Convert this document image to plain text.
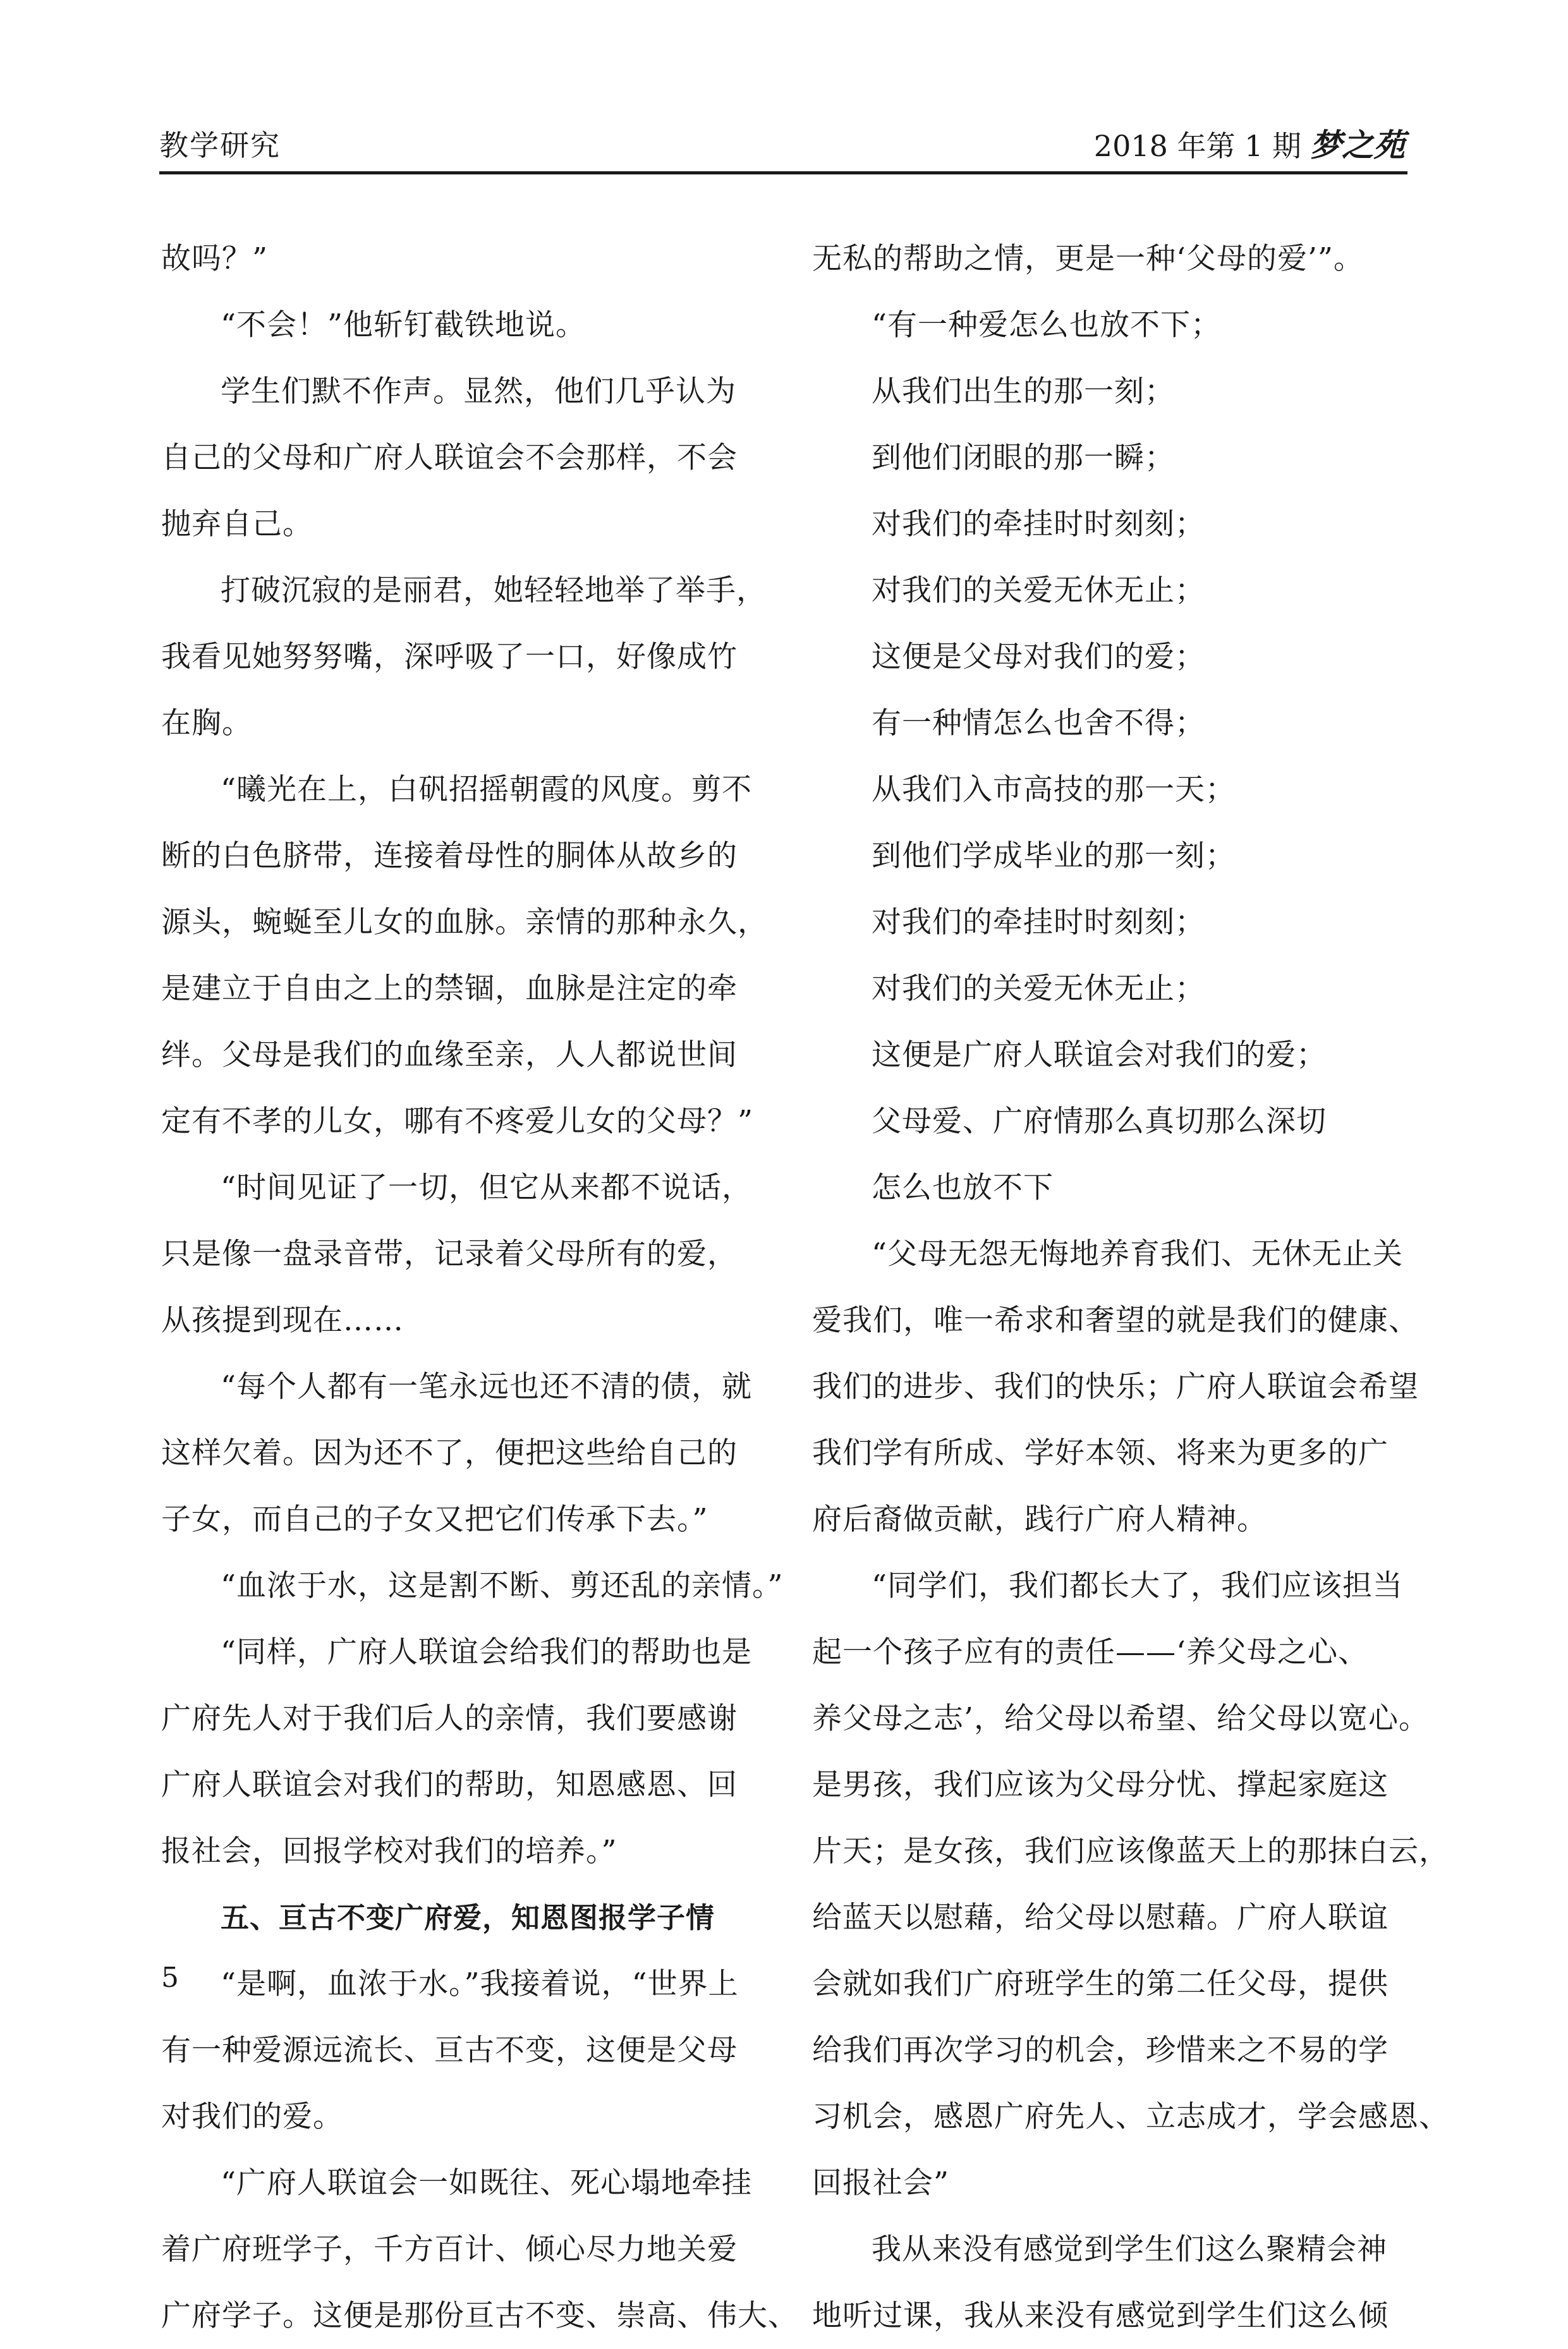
教学研究	2018 年第 1 期 梦之苑
故吗？”
“不会！”他斩钉截铁地说。
学生们默不作声。显然，他们几乎认为
自己的父母和广府人联谊会不会那样，不会
抛弃自己。
打破沉寂的是丽君，她轻轻地举了举手，
我看见她努努嘴，深呼吸了一口，好像成竹
在胸。
“曦光在上，白矾招摇朝霞的风度。剪不
断的白色脐带，连接着母性的胴体从故乡的
源头，蜿蜒至儿女的血脉。亲情的那种永久，
是建立于自由之上的禁锢，血脉是注定的牵
绊。父母是我们的血缘至亲，人人都说世间
定有不孝的儿女，哪有不疼爱儿女的父母？”
“时间见证了一切，但它从来都不说话，
只是像一盘录音带，记录着父母所有的爱，
从孩提到现在……
“每个人都有一笔永远也还不清的债，就
这样欠着。因为还不了，便把这些给自己的
子女，而自己的子女又把它们传承下去。”
“血浓于水，这是割不断、剪还乱的亲情。”
“同样，广府人联谊会给我们的帮助也是
广府先人对于我们后人的亲情，我们要感谢
广府人联谊会对我们的帮助，知恩感恩、回
报社会，回报学校对我们的培养。”
五、亘古不变广府爱，知恩图报学子情
“是啊，血浓于水。”我接着说，“世界上
有一种爱源远流长、亘古不变，这便是父母
对我们的爱。
“广府人联谊会一如既往、死心塌地牵挂
着广府班学子，千方百计、倾心尽力地关爱
广府学子。这便是那份亘古不变、崇高、伟大、
无私的帮助之情，更是一种‘父母的爱’”。
“有一种爱怎么也放不下；
从我们出生的那一刻；
到他们闭眼的那一瞬；
对我们的牵挂时时刻刻；
对我们的关爱无休无止；
这便是父母对我们的爱；
有一种情怎么也舍不得；
从我们入市高技的那一天；
到他们学成毕业的那一刻；
对我们的牵挂时时刻刻；
对我们的关爱无休无止；
这便是广府人联谊会对我们的爱；
父母爱、广府情那么真切那么深切
怎么也放不下
“父母无怨无悔地养育我们、无休无止关
爱我们，唯一希求和奢望的就是我们的健康、
我们的进步、我们的快乐；广府人联谊会希望
我们学有所成、学好本领、将来为更多的广
府后裔做贡献，践行广府人精神。
“同学们，我们都长大了，我们应该担当
起一个孩子应有的责任——‘养父母之心、
养父母之志’，给父母以希望、给父母以宽心。
是男孩，我们应该为父母分忧、撑起家庭这
片天；是女孩，我们应该像蓝天上的那抹白云，
给蓝天以慰藉，给父母以慰藉。广府人联谊
会就如我们广府班学生的第二任父母，提供
给我们再次学习的机会，珍惜来之不易的学
习机会，感恩广府先人、立志成才，学会感恩、
回报社会”
我从来没有感觉到学生们这么聚精会神
地听过课，我从来没有感觉到学生们这么倾
5
